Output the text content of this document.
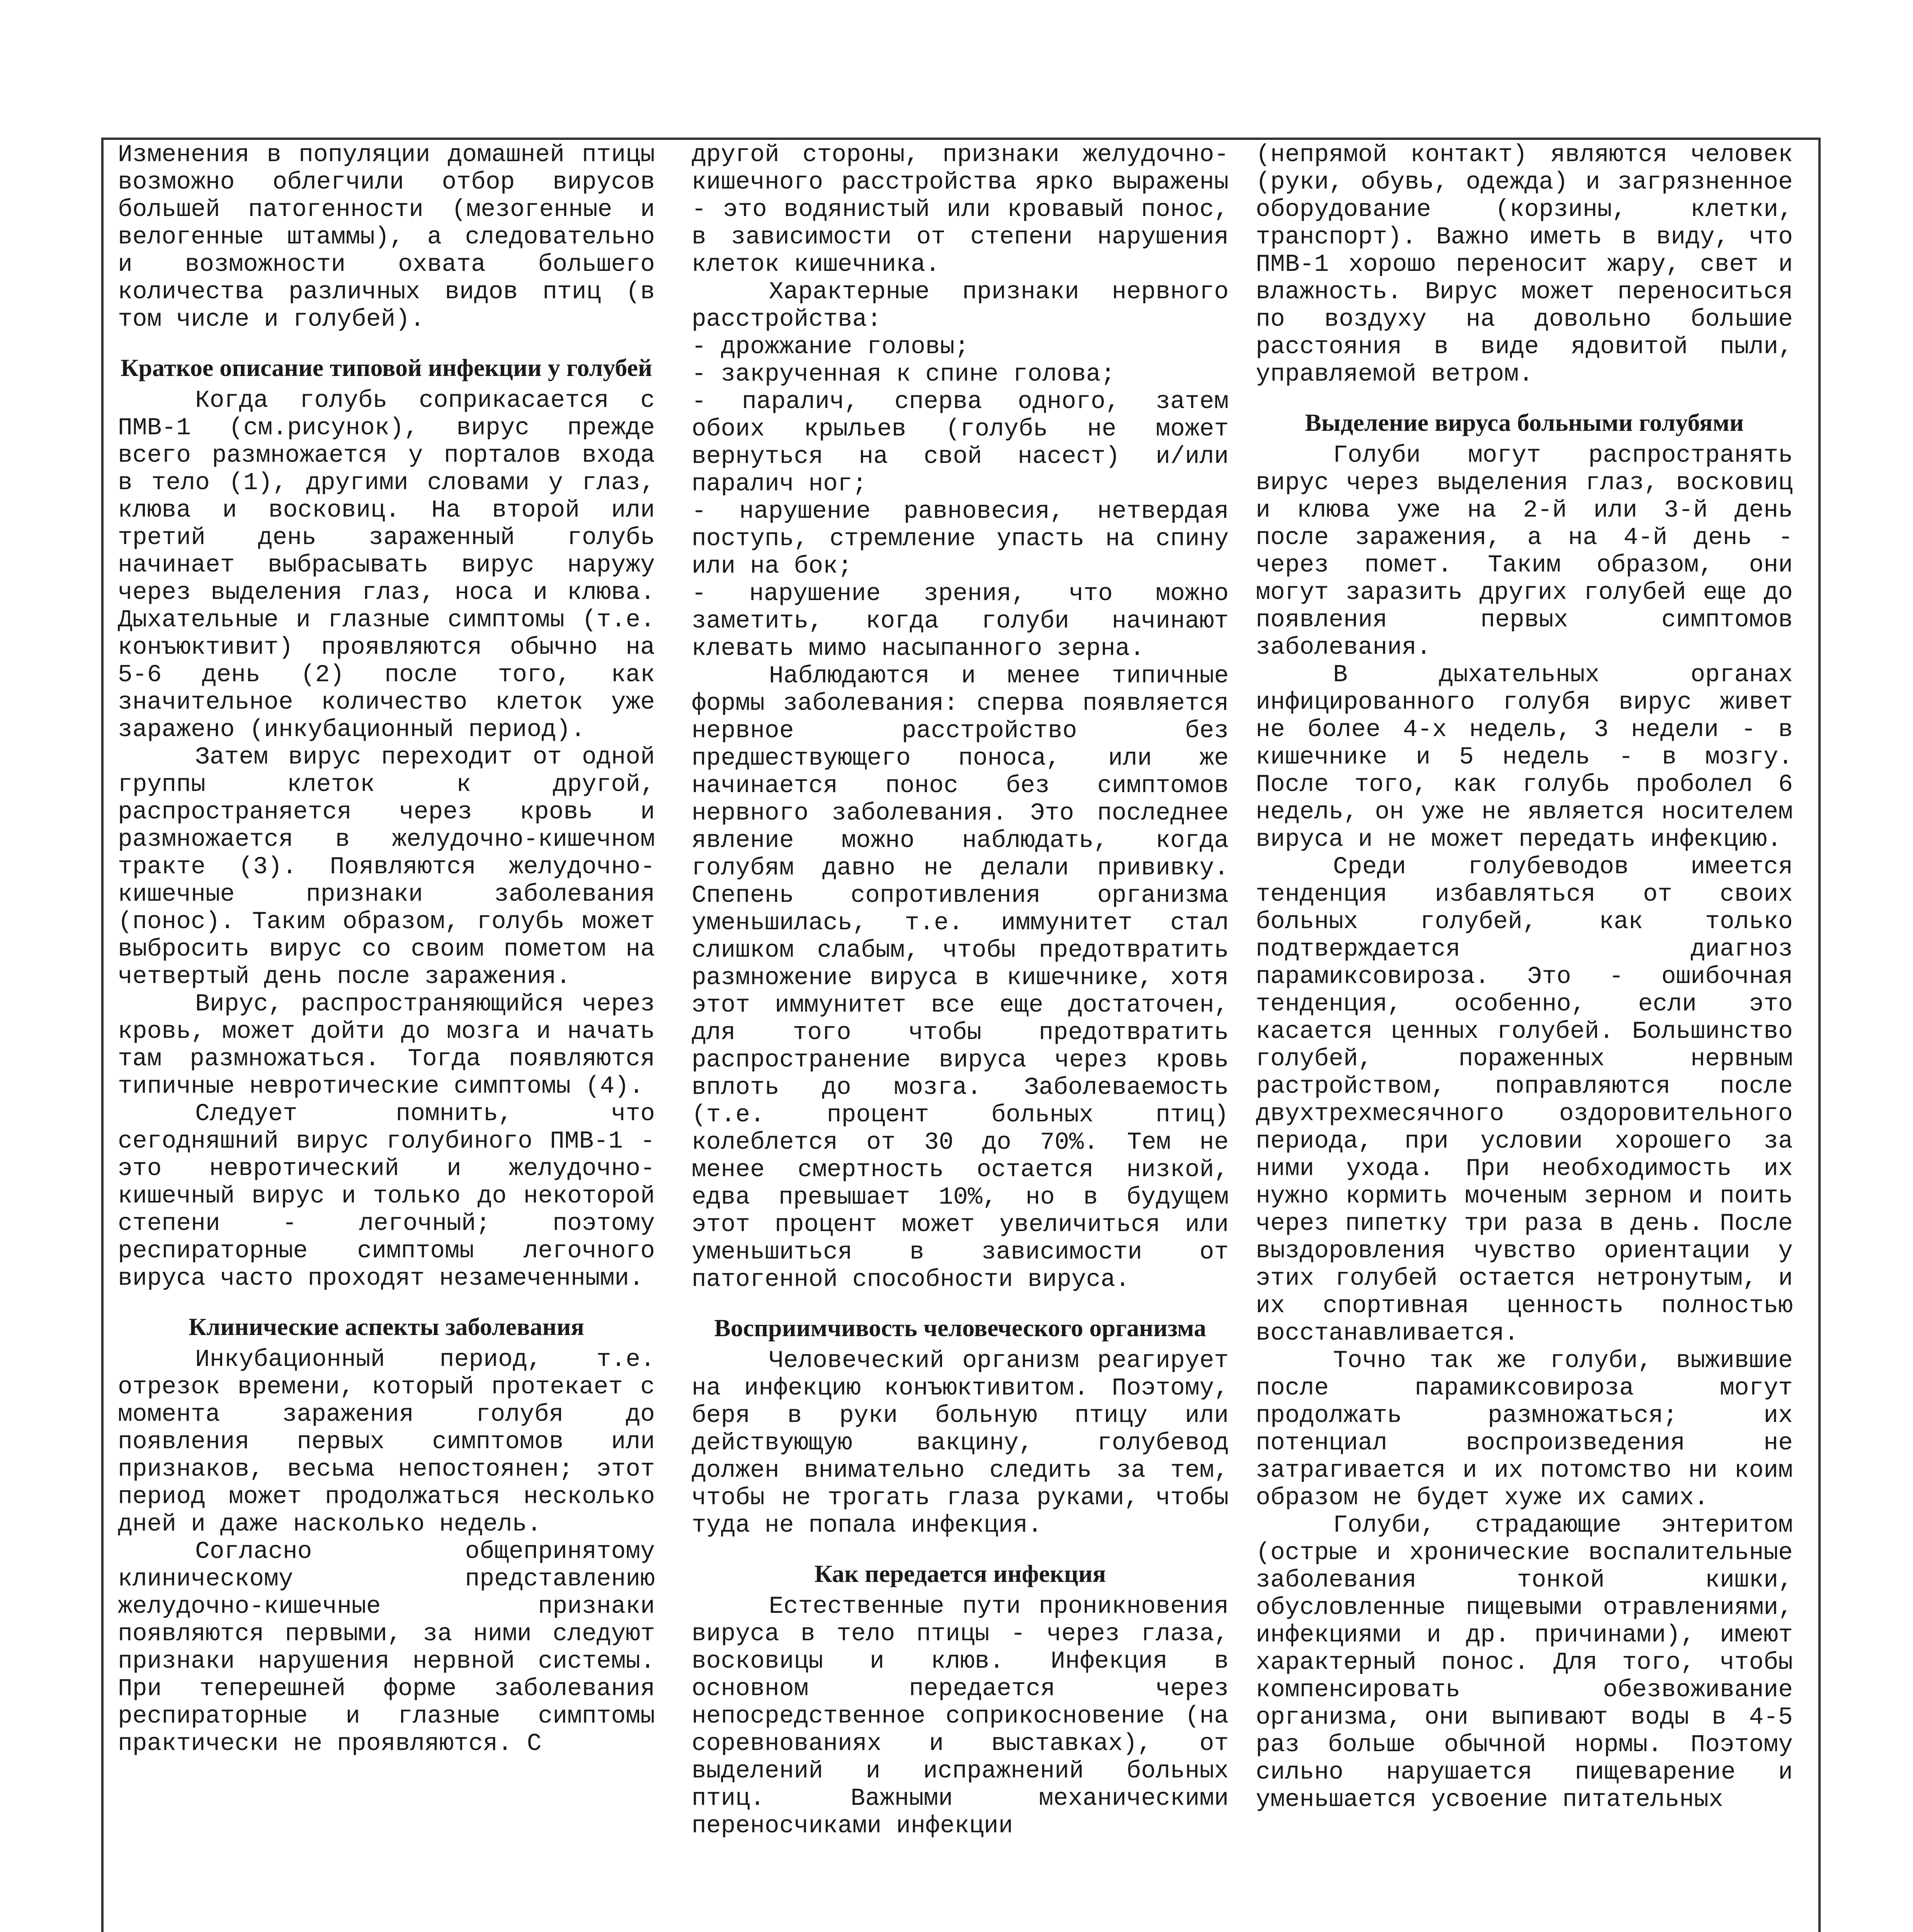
Изменения в популяции домашней птицы возможно облегчили отбор вирусов большей патогенности (мезогенные и велогенные штаммы), а следовательно и возможности охвата большего количества различных видов птиц (в том числе и голубей).

Краткое описание типовой инфекции у голубей

Когда голубь соприкасается с ПМВ-1 (см.рисунок), вирус прежде всего размножается у порталов входа в тело (1), другими словами у глаз, клюва и восковиц. На второй или третий день зараженный голубь начинает выбрасывать вирус наружу через выделения глаз, носа и клюва. Дыхательные и глазные симптомы (т.е. конъюктивит) проявляются обычно на 5-6 день (2) после того, как значительное количество клеток уже заражено (инкубационный период).

Затем вирус переходит от одной группы клеток к другой, распространяется через кровь и размножается в желудочно-кишечном тракте (3). Появляются желудочно-кишечные признаки заболевания (понос). Таким образом, голубь может выбросить вирус со своим пометом на четвертый день после заражения.

Вирус, распространяющийся через кровь, может дойти до мозга и начать там размножаться. Тогда появляются типичные невротические симптомы (4).

Следует помнить, что сегодняшний вирус голубиного ПМВ-1 - это невротический и желудочно-кишечный вирус и только до некоторой степени - легочный; поэтому респираторные симптомы легочного вируса часто проходят незамеченными.

Клинические аспекты заболевания

Инкубационный период, т.е. отрезок времени, который протекает с момента заражения голубя до появления первых симптомов или признаков, весьма непостоянен; этот период может продолжаться несколько дней и даже насколько недель.

Согласно общепринятому клиническому представлению желудочно-кишечные признаки появляются первыми, за ними следуют признаки нарушения нервной системы. При теперешней форме заболевания респираторные и глазные симптомы практически не проявляются. С

другой стороны, признаки желудочно-кишечного расстройства ярко выражены - это водянистый или кровавый понос, в зависимости от степени нарушения клеток кишечника.

Характерные признаки нервного расстройства:

- дрожжание головы;
- закрученная к спине голова;
- паралич, сперва одного, затем обоих крыльев (голубь не может вернуться на свой насест) и/или паралич ног;
- нарушение равновесия, нетвердая поступь, стремление упасть на спину или на бок;
- нарушение зрения, что можно заметить, когда голуби начинают клевать мимо насыпанного зерна.

Наблюдаются и менее типичные формы заболевания: сперва появляется нервное расстройство без предшествующего поноса, или же начинается понос без симптомов нервного заболевания. Это последнее явление можно наблюдать, когда голубям давно не делали прививку. Спепень сопротивления организма уменьшилась, т.е. иммунитет стал слишком слабым, чтобы предотвратить размножение вируса в кишечнике, хотя этот иммунитет все еще достаточен, для того чтобы предотвратить распространение вируса через кровь вплоть до мозга. Заболеваемость (т.е. процент больных птиц) колеблется от 30 до 70%. Тем не менее смертность остается низкой, едва превышает 10%, но в будущем этот процент может увеличиться или уменьшиться в зависимости от патогенной способности вируса.

Восприимчивость человеческого организма

Человеческий организм реагирует на инфекцию конъюктивитом. Поэтому, беря в руки больную птицу или действующую вакцину, голубевод должен внимательно следить за тем, чтобы не трогать глаза руками, чтобы туда не попала инфекция.

Как передается инфекция

Естественные пути проникновения вируса в тело птицы - через глаза, восковицы и клюв. Инфекция в основном передается через непосредственное соприкосновение (на соревнованиях и выставках), от выделений и испражнений больных птиц. Важными механическими переносчиками инфекции

(непрямой контакт) являются человек (руки, обувь, одежда) и загрязненное оборудование (корзины, клетки, транспорт). Важно иметь в виду, что ПМВ-1 хорошо переносит жару, свет и влажность. Вирус может переноситься по воздуху на довольно большие расстояния в виде ядовитой пыли, управляемой ветром.

Выделение вируса больными голубями

Голуби могут распространять вирус через выделения глаз, восковиц и клюва уже на 2-й или 3-й день после заражения, а на 4-й день - через помет. Таким образом, они могут заразить других голубей еще до появления первых симптомов заболевания.

В дыхательных органах инфицированного голубя вирус живет не более 4-х недель, 3 недели - в кишечнике и 5 недель - в мозгу. После того, как голубь проболел 6 недель, он уже не является носителем вируса и не может передать инфекцию.

Среди голубеводов имеется тенденция избавляться от своих больных голубей, как только подтверждается диагноз парамиксовироза. Это - ошибочная тенденция, особенно, если это касается ценных голубей. Большинство голубей, пораженных нервным растройством, поправляются после двухтрехмесячного оздоровительного периода, при условии хорошего за ними ухода. При необходимость их нужно кормить моченым зерном и поить через пипетку три раза в день. После выздоровления чувство ориентации у этих голубей остается нетронутым, и их спортивная ценность полностью восстанавливается.

Точно так же голуби, выжившие после парамиксовироза могут продолжать размножаться; их потенциал воспроизведения не затрагивается и их потомство ни коим образом не будет хуже их самих.

Голуби, страдающие энтеритом (острые и хронические воспалительные заболевания тонкой кишки, обусловленные пищевыми отравлениями, инфекциями и др. причинами), имеют характерный понос. Для того, чтобы компенсировать обезвоживание организма, они выпивают воды в 4-5 раз больше обычной нормы. Поэтому сильно нарушается пищеварение и уменьшается усвоение питательных
